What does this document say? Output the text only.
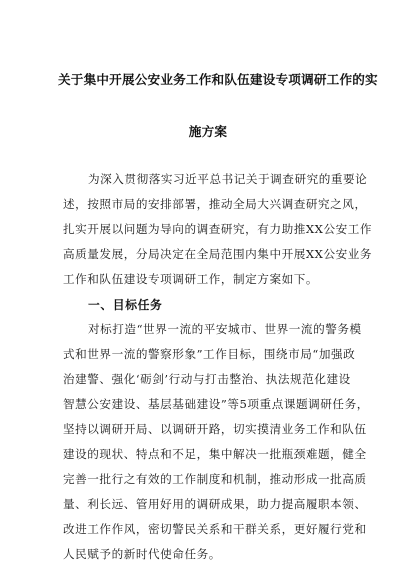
关于集中开展公安业务工作和队伍建设专项调研工作的实
施方案
为深入贯彻落实习近平总书记关于调查研究的重要论
述，按照市局的安排部署，推动全局大兴调查研究之风，
扎实开展以问题为导向的调查研究，有力助推XX公安工作
高质量发展，分局决定在全局范围内集中开展XX公安业务
工作和队伍建设专项调研工作，制定方案如下。
一、目标任务
对标打造“世界一流的平安城市、世界一流的警务模
式和世界一流的警察形象”工作目标，围绕市局“加强政
治建警、强化‘砺剑’行动与打击整治、执法规范化建设
智慧公安建设、基层基础建设”等5项重点课题调研任务，
坚持以调研开局、以调研开路，切实摸清业务工作和队伍
建设的现状、特点和不足，集中解决一批瓶颈难题，健全
完善一批行之有效的工作制度和机制，推动形成一批高质
量、利长远、管用好用的调研成果，助力提高履职本领、
改进工作作风，密切警民关系和干群关系，更好履行党和
人民赋予的新时代使命任务。
